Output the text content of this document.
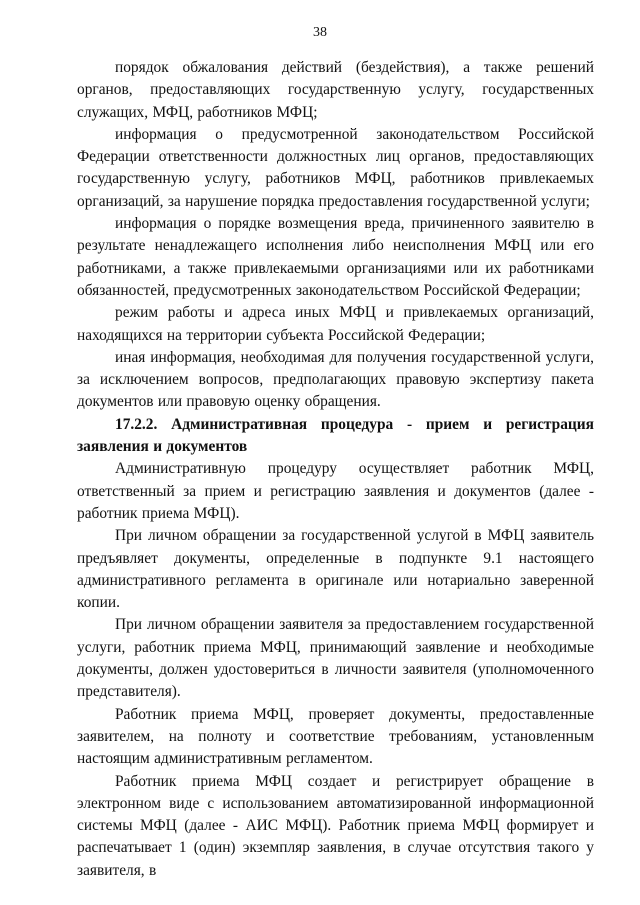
38

порядок обжалования действий (бездействия), а также решений органов, предоставляющих государственную услугу, государственных служащих, МФЦ, работников МФЦ;

информация о предусмотренной законодательством Российской Федерации ответственности должностных лиц органов, предоставляющих государственную услугу, работников МФЦ, работников привлекаемых организаций, за нарушение порядка предоставления государственной услуги;

информация о порядке возмещения вреда, причиненного заявителю в результате ненадлежащего исполнения либо неисполнения МФЦ или его работниками, а также привлекаемыми организациями или их работниками обязанностей, предусмотренных законодательством Российской Федерации;

режим работы и адреса иных МФЦ и привлекаемых организаций, находящихся на территории субъекта Российской Федерации;

иная информация, необходимая для получения государственной услуги, за исключением вопросов, предполагающих правовую экспертизу пакета документов или правовую оценку обращения.

17.2.2. Административная процедура - прием и регистрация заявления и документов

Административную процедуру осуществляет работник МФЦ, ответственный за прием и регистрацию заявления и документов (далее - работник приема МФЦ).

При личном обращении за государственной услугой в МФЦ заявитель предъявляет документы, определенные в подпункте 9.1 настоящего административного регламента в оригинале или нотариально заверенной копии.

При личном обращении заявителя за предоставлением государственной услуги, работник приема МФЦ, принимающий заявление и необходимые документы, должен удостовериться в личности заявителя (уполномоченного представителя).

Работник приема МФЦ, проверяет документы, предоставленные заявителем, на полноту и соответствие требованиям, установленным настоящим административным регламентом.

Работник приема МФЦ создает и регистрирует обращение в электронном виде с использованием автоматизированной информационной системы МФЦ (далее - АИС МФЦ). Работник приема МФЦ формирует и распечатывает 1 (один) экземпляр заявления, в случае отсутствия такого у заявителя, в
